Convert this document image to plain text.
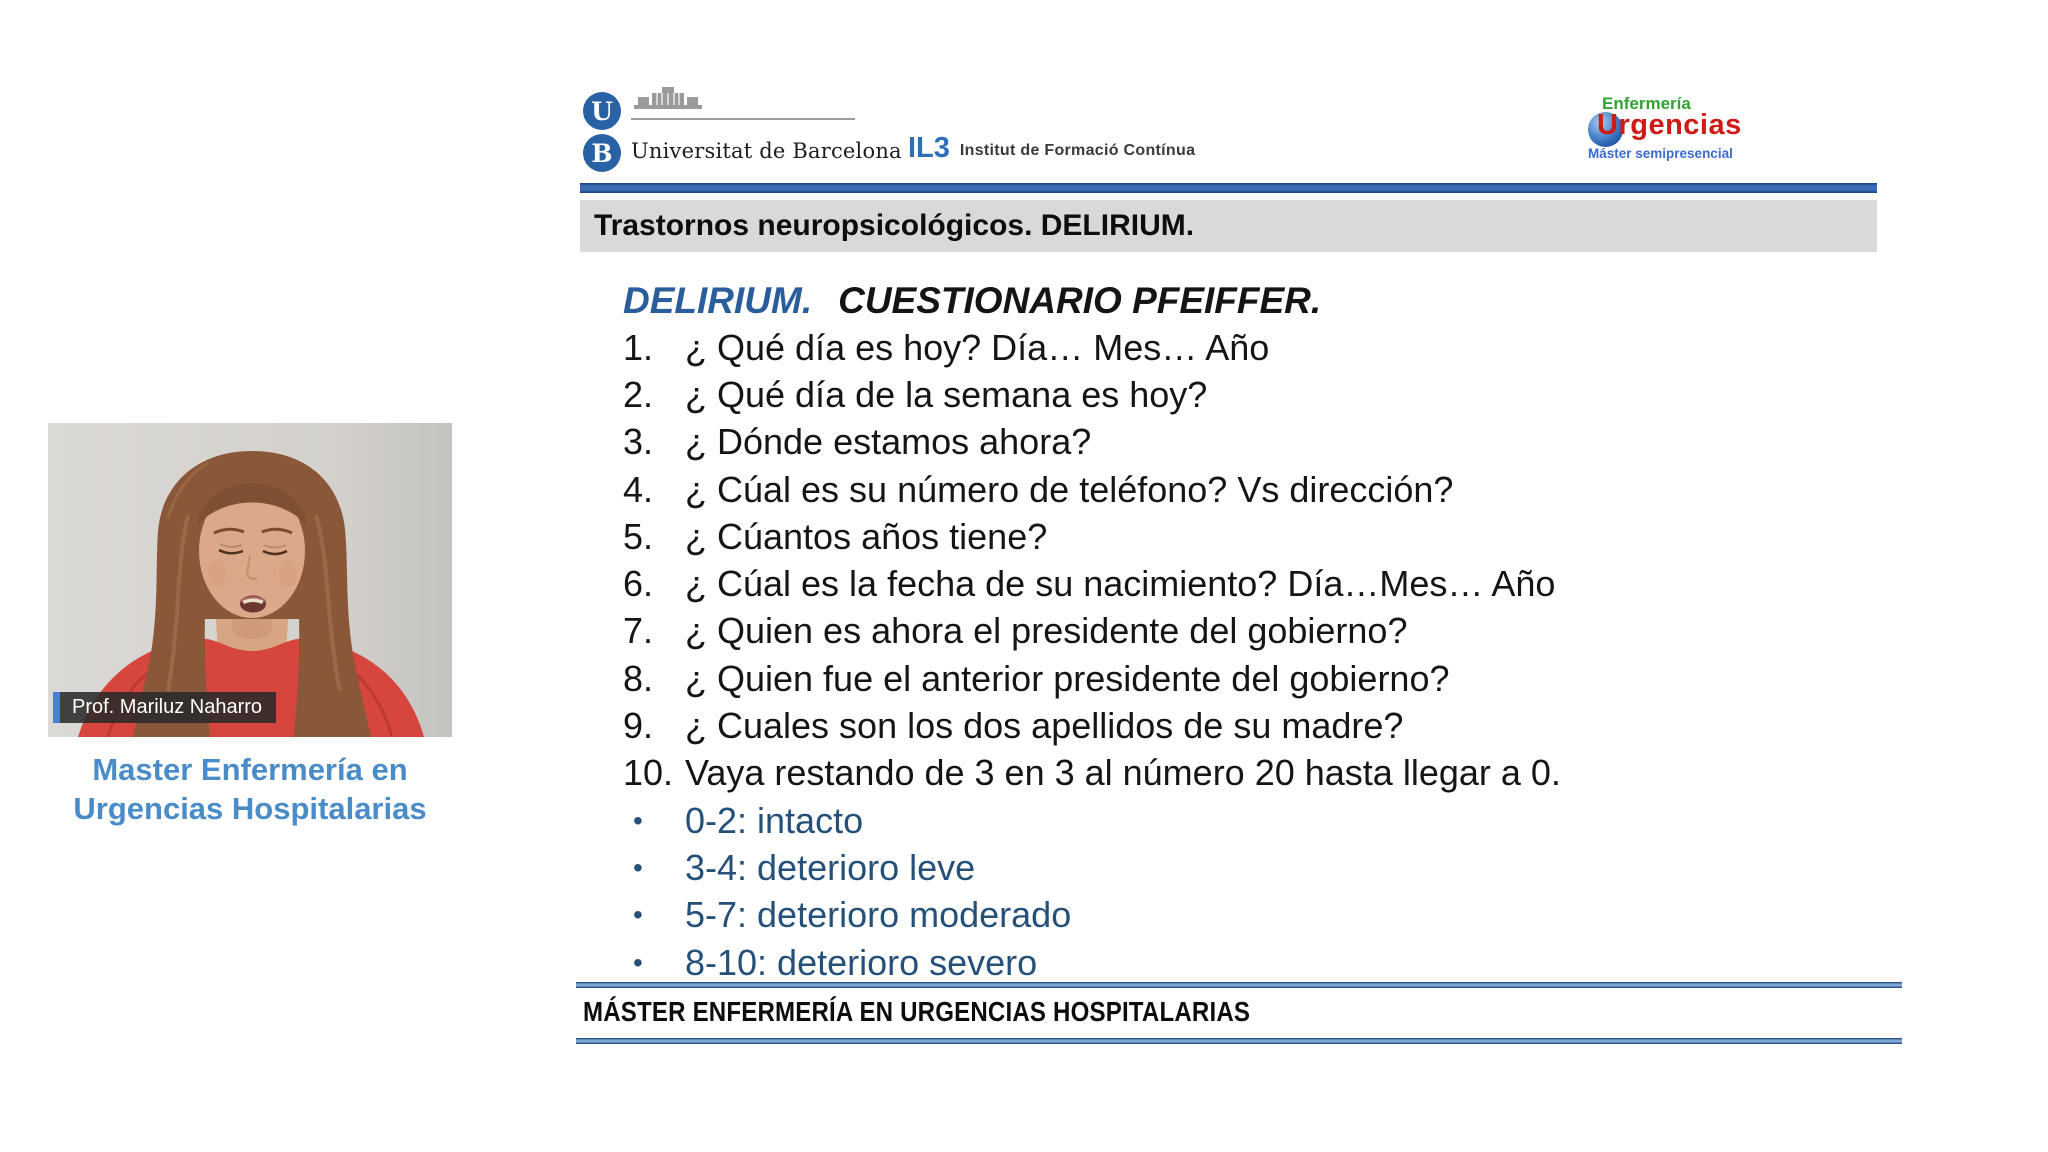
Prof. Mariluz Naharro
Master Enfermería en
Urgencias Hospitalarias
U
B Universitat de Barcelona IL3 Institut de Formació Contínua
Enfermería
Urgencias
Máster semipresencial
Trastornos neuropsicológicos. DELIRIUM.
DELIRIUM. CUESTIONARIO PFEIFFER.
1. ¿ Qué día es hoy? Día… Mes… Año
2. ¿ Qué día de la semana es hoy?
3. ¿ Dónde estamos ahora?
4. ¿ Cúal es su número de teléfono? Vs dirección?
5. ¿ Cúantos años tiene?
6. ¿ Cúal es la fecha de su nacimiento? Día…Mes… Año
7. ¿ Quien es ahora el presidente del gobierno?
8. ¿ Quien fue el anterior presidente del gobierno?
9. ¿ Cuales son los dos apellidos de su madre?
10. Vaya restando de 3 en 3 al número 20 hasta llegar a 0.
•	0-2: intacto
•	3-4: deterioro leve
•	5-7: deterioro moderado
•	8-10: deterioro severo
MÁSTER ENFERMERÍA EN URGENCIAS HOSPITALARIAS
